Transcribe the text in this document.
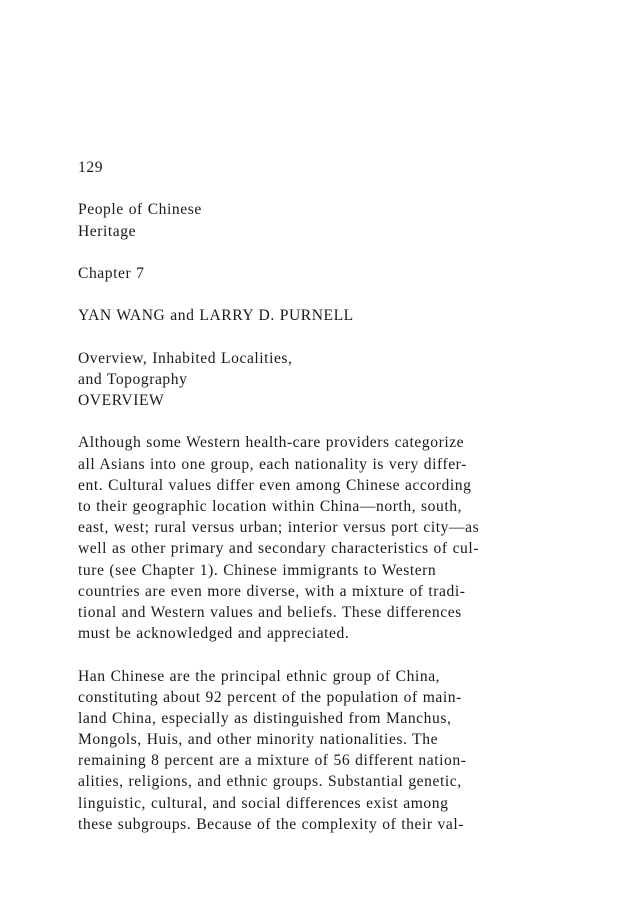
129
People of Chinese
Heritage
Chapter 7
YAN WANG and LARRY D. PURNELL
Overview, Inhabited Localities,
and Topography
OVERVIEW
Although some Western health-care providers categorize
all Asians into one group, each nationality is very differ-
ent. Cultural values differ even among Chinese according
to their geographic location within China—north, south,
east, west; rural versus urban; interior versus port city—as
well as other primary and secondary characteristics of cul-
ture (see Chapter 1). Chinese immigrants to Western
countries are even more diverse, with a mixture of tradi-
tional and Western values and beliefs. These differences
must be acknowledged and appreciated.
Han Chinese are the principal ethnic group of China,
constituting about 92 percent of the population of main-
land China, especially as distinguished from Manchus,
Mongols, Huis, and other minority nationalities. The
remaining 8 percent are a mixture of 56 different nation-
alities, religions, and ethnic groups. Substantial genetic,
linguistic, cultural, and social differences exist among
these subgroups. Because of the complexity of their val-
